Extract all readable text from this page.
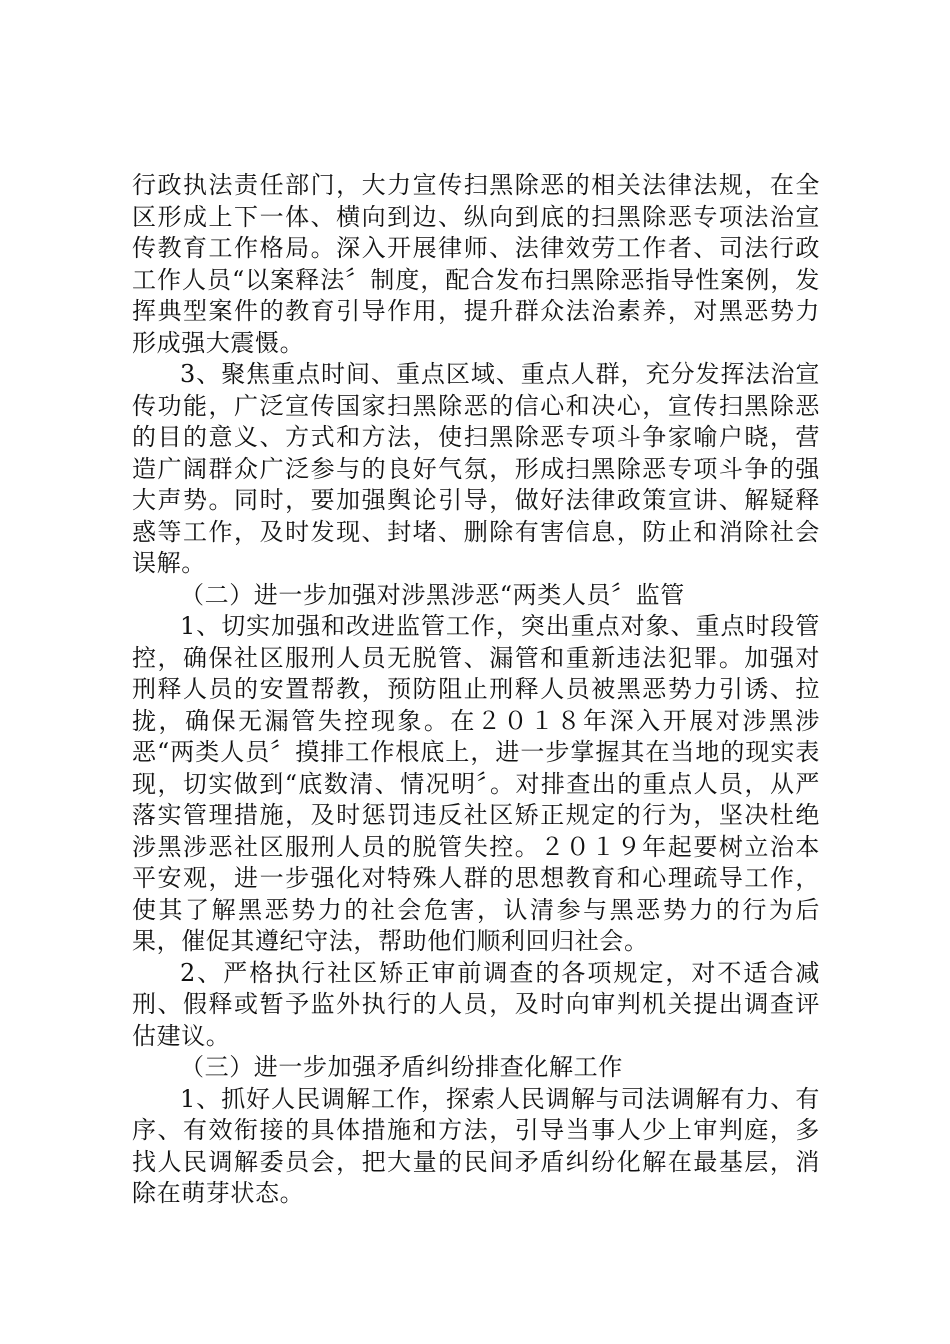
行政执法责任部门，大力宣传扫黑除恶的相关法律法规，在全区形成上下一体、横向到边、纵向到底的扫黑除恶专项法治宣传教育工作格局。深入开展律师、法律效劳工作者、司法行政工作人员“以案释法〞制度，配合发布扫黑除恶指导性案例，发挥典型案件的教育引导作用，提升群众法治素养，对黑恶势力形成强大震慑。

3、聚焦重点时间、重点区域、重点人群，充分发挥法治宣传功能，广泛宣传国家扫黑除恶的信心和决心，宣传扫黑除恶的目的意义、方式和方法，使扫黑除恶专项斗争家喻户晓，营造广阔群众广泛参与的良好气氛，形成扫黑除恶专项斗争的强大声势。同时，要加强舆论引导，做好法律政策宣讲、解疑释惑等工作，及时发现、封堵、删除有害信息，防止和消除社会误解。

（二）进一步加强对涉黑涉恶“两类人员〞监管

1、切实加强和改进监管工作，突出重点对象、重点时段管控，确保社区服刑人员无脱管、漏管和重新违法犯罪。加强对刑释人员的安置帮教，预防阻止刑释人员被黑恶势力引诱、拉拢，确保无漏管失控现象。在２０１８年深入开展对涉黑涉恶“两类人员〞摸排工作根底上，进一步掌握其在当地的现实表现，切实做到“底数清、情况明〞。对排查出的重点人员，从严落实管理措施，及时惩罚违反社区矫正规定的行为，坚决杜绝涉黑涉恶社区服刑人员的脱管失控。２０１９年起要树立治本平安观，进一步强化对特殊人群的思想教育和心理疏导工作，使其了解黑恶势力的社会危害，认清参与黑恶势力的行为后果，催促其遵纪守法，帮助他们顺利回归社会。

2、严格执行社区矫正审前调查的各项规定，对不适合减刑、假释或暂予监外执行的人员，及时向审判机关提出调查评估建议。

（三）进一步加强矛盾纠纷排查化解工作

1、抓好人民调解工作，探索人民调解与司法调解有力、有序、有效衔接的具体措施和方法，引导当事人少上审判庭，多找人民调解委员会，把大量的民间矛盾纠纷化解在最基层，消除在萌芽状态。
